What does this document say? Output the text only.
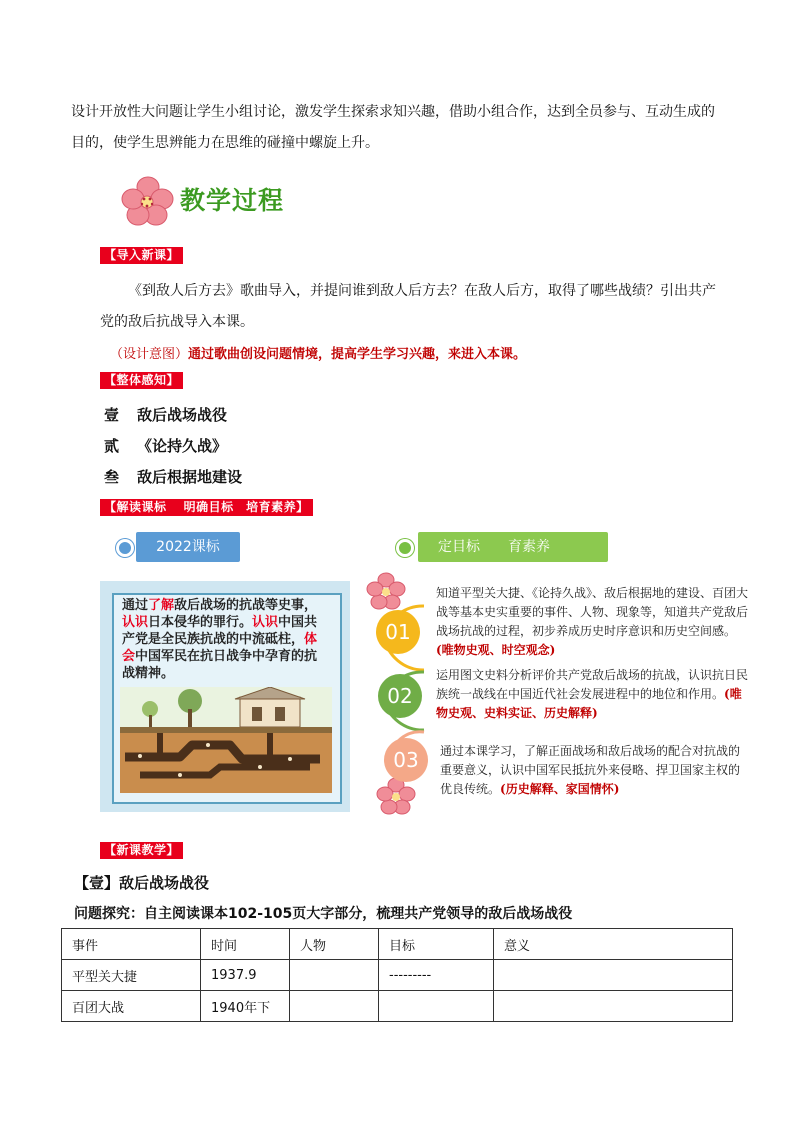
设计开放性大问题让学生小组讨论，激发学生探索求知兴趣，借助小组合作，达到全员参与、互动生成的
目的，使学生思辨能力在思维的碰撞中螺旋上升。
教学过程
【导入新课】
《到敌人后方去》歌曲导入，并提问谁到敌人后方去？在敌人后方，取得了哪些战绩？引出共产
党的敌后抗战导入本课。
（设计意图）通过歌曲创设问题情境，提高学生学习兴趣，来进入本课。
【整体感知】
壹 敌后战场战役
贰 《论持久战》
叁 敌后根据地建设
【解读课标　 明确目标　培育素养】
2022课标	定目标 育素养
通过了解敌后战场的抗战等史事，认识日本侵华的罪行。认识中国共产党是全民族抗战的中流砥柱，体会中国军民在抗日战争中孕育的抗战精神。
01
知道平型关大捷、《论持久战》、敌后根据地的建设、百团大战等基本史实重要的事件、人物、现象等，知道共产党敌后战场抗战的过程，初步养成历史时序意识和历史空间感。(唯物史观、时空观念)
02
运用图文史料分析评价共产党敌后战场的抗战，认识抗日民族统一战线在中国近代社会发展进程中的地位和作用。(唯物史观、史料实证、历史解释)
03	通过本课学习，了解正面战场和敌后战场的配合对抗战的重要意义，认识中国军民抵抗外来侵略、捍卫国家主权的优良传统。(历史解释、家国情怀)
【新课教学】
【壹】敌后战场战役
问题探究：自主阅读课本102-105页大字部分，梳理共产党领导的敌后战场战役
事件	时间	人物	目标	意义
平型关大捷	1937.9		---------	
百团大战	1940年下			
